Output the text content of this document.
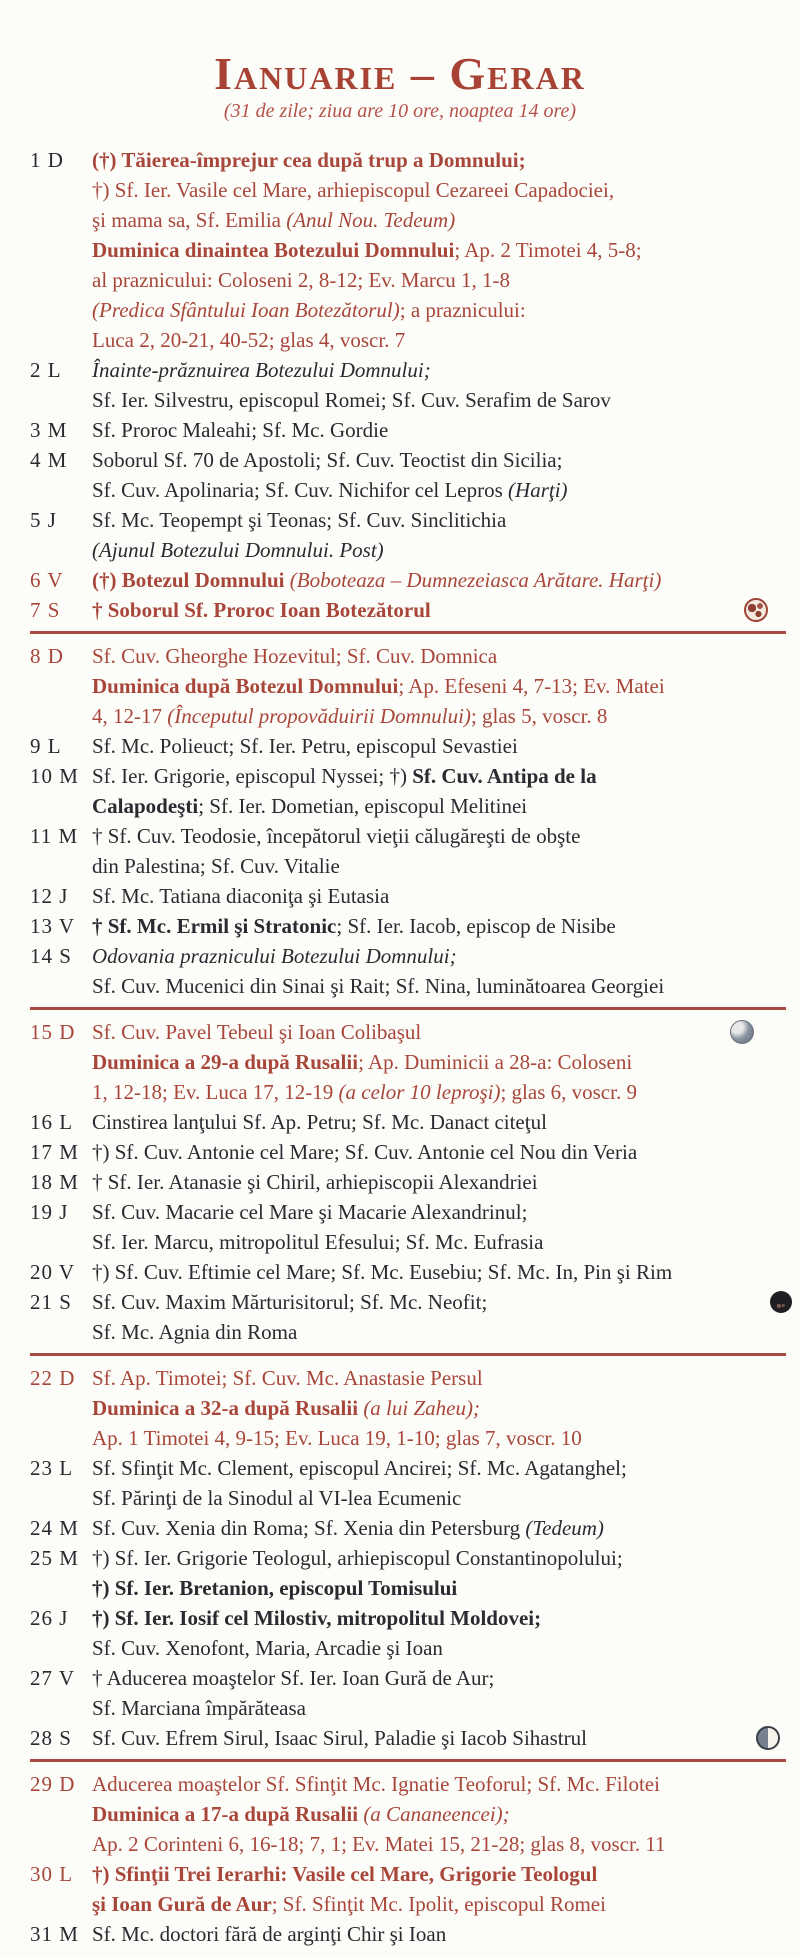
Ianuarie – Gerar
(31 de zile; ziua are 10 ore, noaptea 14 ore)
1 D	(†) Tăierea-împrejur cea după trup a Domnului;
†) Sf. Ier. Vasile cel Mare, arhiepiscopul Cezareei Capadociei,
şi mama sa, Sf. Emilia (Anul Nou. Tedeum)
Duminica dinaintea Botezului Domnului; Ap. 2 Timotei 4, 5-8;
al praznicului: Coloseni 2, 8-12; Ev. Marcu 1, 1-8
(Predica Sfântului Ioan Botezătorul); a praznicului:
Luca 2, 20-21, 40-52; glas 4, voscr. 7
2 L	Înainte-prăznuirea Botezului Domnului;
Sf. Ier. Silvestru, episcopul Romei; Sf. Cuv. Serafim de Sarov
3 M	Sf. Proroc Maleahi; Sf. Mc. Gordie
4 M	Soborul Sf. 70 de Apostoli; Sf. Cuv. Teoctist din Sicilia;
Sf. Cuv. Apolinaria; Sf. Cuv. Nichifor cel Lepros (Harţi)
5 J	Sf. Mc. Teopempt şi Teonas; Sf. Cuv. Sinclitichia
(Ajunul Botezului Domnului. Post)
6 V	(†) Botezul Domnului (Boboteaza – Dumnezeiasca Arătare. Harţi)
7 S	† Soborul Sf. Proroc Ioan Botezătorul
8 D	Sf. Cuv. Gheorghe Hozevitul; Sf. Cuv. Domnica
Duminica după Botezul Domnului; Ap. Efeseni 4, 7-13; Ev. Matei
4, 12-17 (Începutul propovăduirii Domnului); glas 5, voscr. 8
9 L	Sf. Mc. Polieuct; Sf. Ier. Petru, episcopul Sevastiei
10 M Sf. Ier. Grigorie, episcopul Nyssei; †) Sf. Cuv. Antipa de la
Calapodeşti; Sf. Ier. Dometian, episcopul Melitinei
11 M † Sf. Cuv. Teodosie, începătorul vieţii călugăreşti de obşte
din Palestina; Sf. Cuv. Vitalie
12 J	Sf. Mc. Tatiana diaconiţa şi Eutasia
13 V † Sf. Mc. Ermil şi Stratonic; Sf. Ier. Iacob, episcop de Nisibe
14 S Odovania praznicului Botezului Domnului;
Sf. Cuv. Mucenici din Sinai şi Rait; Sf. Nina, luminătoarea Georgiei
15 D Sf. Cuv. Pavel Tebeul şi Ioan Colibaşul
Duminica a 29-a după Rusalii; Ap. Duminicii a 28-a: Coloseni
1, 12-18; Ev. Luca 17, 12-19 (a celor 10 leproşi); glas 6, voscr. 9
16 L Cinstirea lanţului Sf. Ap. Petru; Sf. Mc. Danact citeţul
17 M †) Sf. Cuv. Antonie cel Mare; Sf. Cuv. Antonie cel Nou din Veria
18 M † Sf. Ier. Atanasie şi Chiril, arhiepiscopii Alexandriei
19 J	Sf. Cuv. Macarie cel Mare şi Macarie Alexandrinul;
Sf. Ier. Marcu, mitropolitul Efesului; Sf. Mc. Eufrasia
20 V †) Sf. Cuv. Eftimie cel Mare; Sf. Mc. Eusebiu; Sf. Mc. In, Pin şi Rim
21 S Sf. Cuv. Maxim Mărturisitorul; Sf. Mc. Neofit;
Sf. Mc. Agnia din Roma
22 D Sf. Ap. Timotei; Sf. Cuv. Mc. Anastasie Persul
Duminica a 32-a după Rusalii (a lui Zaheu);
Ap. 1 Timotei 4, 9-15; Ev. Luca 19, 1-10; glas 7, voscr. 10
23 L Sf. Sfinţit Mc. Clement, episcopul Ancirei; Sf. Mc. Agatanghel;
Sf. Părinţi de la Sinodul al VI-lea Ecumenic
24 M Sf. Cuv. Xenia din Roma; Sf. Xenia din Petersburg (Tedeum)
25 M †) Sf. Ier. Grigorie Teologul, arhiepiscopul Constantinopolului;
†) Sf. Ier. Bretanion, episcopul Tomisului
26 J	†) Sf. Ier. Iosif cel Milostiv, mitropolitul Moldovei;
Sf. Cuv. Xenofont, Maria, Arcadie şi Ioan
27 V † Aducerea moaştelor Sf. Ier. Ioan Gură de Aur;
Sf. Marciana împărăteasa
28 S Sf. Cuv. Efrem Sirul, Isaac Sirul, Paladie şi Iacob Sihastrul
29 D Aducerea moaştelor Sf. Sfinţit Mc. Ignatie Teoforul; Sf. Mc. Filotei
Duminica a 17-a după Rusalii (a Cananeencei);
Ap. 2 Corinteni 6, 16-18; 7, 1; Ev. Matei 15, 21-28; glas 8, voscr. 11
30 L †) Sfinţii Trei Ierarhi: Vasile cel Mare, Grigorie Teologul
şi Ioan Gură de Aur; Sf. Sfinţit Mc. Ipolit, episcopul Romei
31 M Sf. Mc. doctori fără de arginţi Chir şi Ioan
